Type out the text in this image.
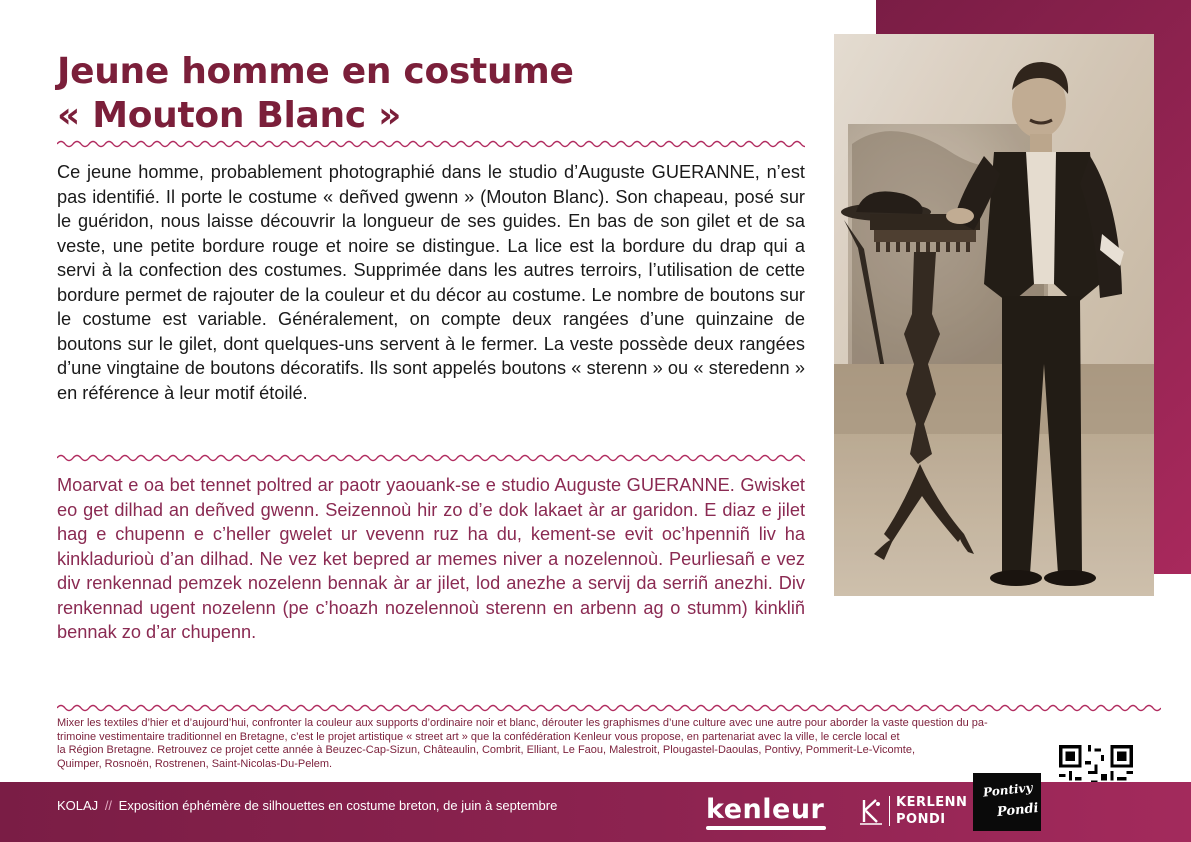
Jeune homme en costume
« Mouton Blanc »

Ce jeune homme, probablement photographié dans le studio d’Auguste GUERANNE, n’est pas identifié. Il porte le costume « deñved gwenn » (Mouton Blanc). Son chapeau, posé sur le guéridon, nous laisse découvrir la longueur de ses guides. En bas de son gilet et de sa veste, une petite bordure rouge et noire se distingue. La lice est la bordure du drap qui a servi à la confection des costumes. Supprimée dans les autres terroirs, l’utilisation de cette bordure permet de rajouter de la couleur et du décor au costume. Le nombre de boutons sur le costume est variable. Généralement, on compte deux rangées d’une quinzaine de boutons sur le gilet, dont quelques-uns servent à le fermer. La veste possède deux rangées d’une vingtaine de boutons décoratifs. Ils sont appelés boutons « sterenn » ou « steredenn » en référence à leur motif étoilé.

Moarvat e oa bet tennet poltred ar paotr yaouank-se e studio Auguste GUERANNE. Gwisket eo get dilhad an deñved gwenn. Seizennoù hir zo d’e dok lakaet àr ar garidon. E diaz e jilet hag e chupenn e c’heller gwelet ur vevenn ruz ha du, kement-se evit oc’hpenniñ liv ha kinkladurioù d’an dilhad. Ne vez ket bepred ar memes niver a nozelennoù. Peurliesañ e vez div renkennad pemzek nozelenn bennak àr ar jilet, lod anezhe a servij da serriñ anezhi. Div renkennad ugent nozelenn (pe c’hoazh nozelennoù sterenn en arbenn ag o stumm) kinkliñ bennak zo d’ar chupenn.

Mixer les textiles d’hier et d’aujourd’hui, confronter la couleur aux supports d’ordinaire noir et blanc, dérouter les graphismes d’une culture avec une autre pour aborder la vaste question du pa-
trimoine vestimentaire traditionnel en Bretagne, c’est le projet artistique « street art » que la confédération Kenleur vous propose, en partenariat avec la ville, le cercle local et
la Région Bretagne. Retrouvez ce projet cette année à Beuzec-Cap-Sizun, Châteaulin, Combrit, Elliant, Le Faou, Malestroit, Plougastel-Daoulas, Pontivy, Pommerit-Le-Vicomte,
Quimper, Rosnoën, Rostrenen, Saint-Nicolas-Du-Pelem.

KOLAJ // Exposition éphémère de silhouettes en costume breton, de juin à septembre	kenleur	KERLENN
PONDI
Pontivy
Pondi
